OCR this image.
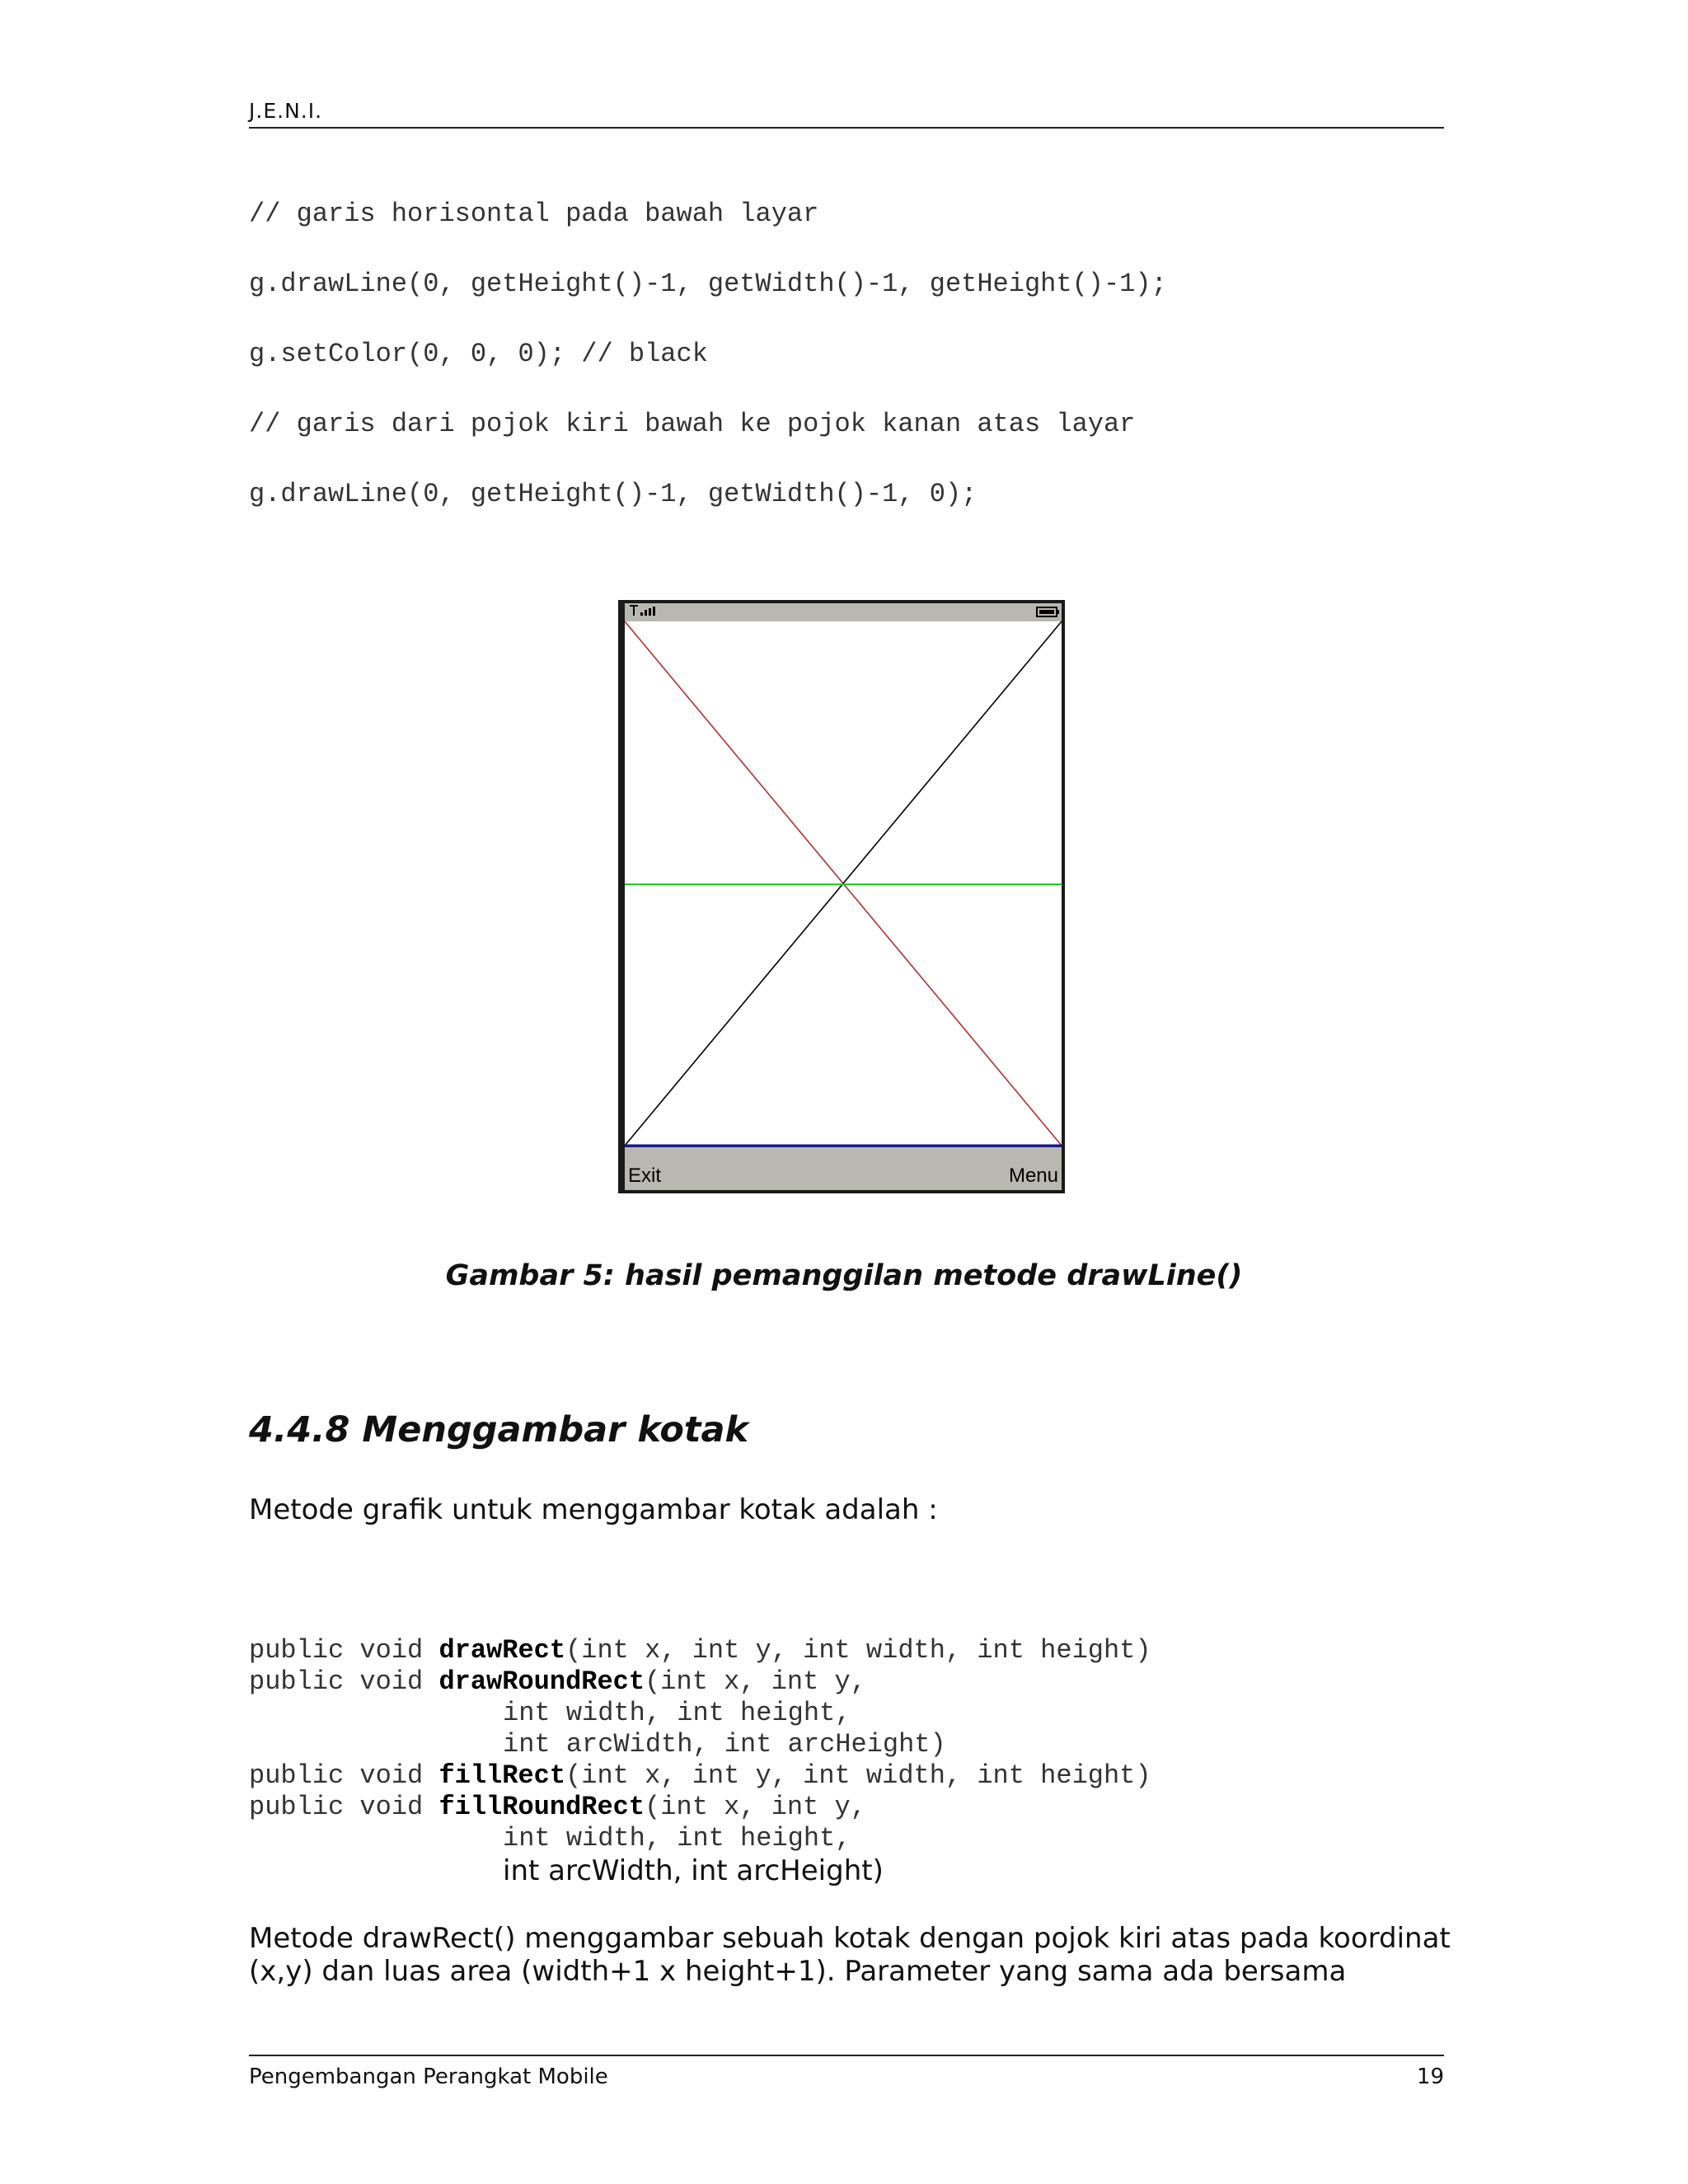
J.E.N.I.
// garis horisontal pada bawah layar
g.drawLine(0, getHeight()-1, getWidth()-1, getHeight()-1);
g.setColor(0, 0, 0); // black
// garis dari pojok kiri bawah ke pojok kanan atas layar
g.drawLine(0, getHeight()-1, getWidth()-1, 0);
Exit	Menu
Gambar 5: hasil pemanggilan metode drawLine()
4.4.8 Menggambar kotak
Metode grafik untuk menggambar kotak adalah :
public void drawRect(int x, int y, int width, int height)
public void drawRoundRect(int x, int y,
int width, int height,
int arcWidth, int arcHeight)
public void fillRect(int x, int y, int width, int height)
public void fillRoundRect(int x, int y,
int width, int height,
int arcWidth, int arcHeight)
Metode drawRect() menggambar sebuah kotak dengan pojok kiri atas pada koordinat (x,y) dan luas area (width+1 x height+1). Parameter yang sama ada bersama
Pengembangan Perangkat Mobile	19
